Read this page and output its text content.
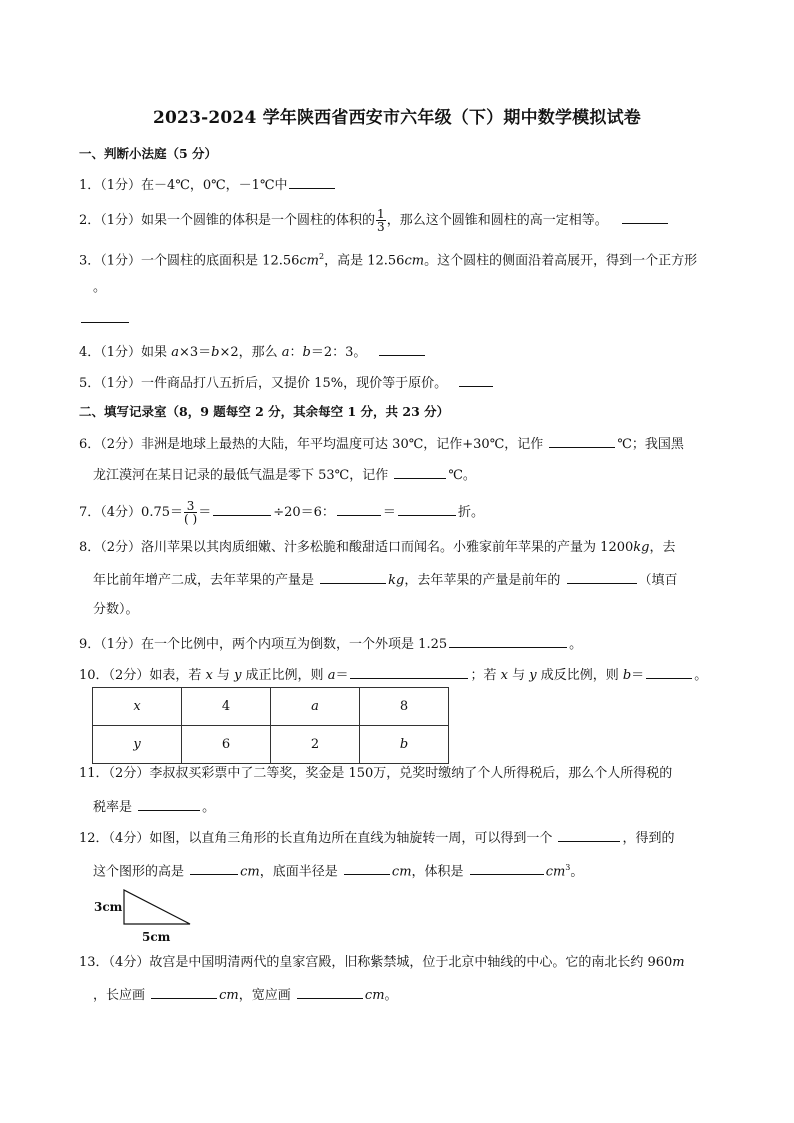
2023-2024 学年陕西省西安市六年级（下）期中数学模拟试卷
一、判断小法庭（5 分）
1．（1分）在－4℃，0℃，－1℃中
2．（1分）如果一个圆锥的体积是一个圆柱的体积的 $\frac{1}{3}$ ，那么这个圆锥和圆柱的高一定相等。
3．（1分）一个圆柱的底面积是 $12.56cm^2$，高是 12.56cm。这个圆柱的侧面沿着高展开，得到一个正方形
。
4．（1分）如果 a×3＝b×2，那么 a：b＝2：3。
5．（1分）一件商品打八五折后，又提价 15%，现价等于原价。
二、填写记录室（8，9 题每空 2 分，其余每空 1 分，共 23 分）
6．（2分）非洲是地球上最热的大陆，年平均温度可达 30℃，记作+30℃，记作	℃；我国黑
龙江漠河在某日记录的最低气温是零下 53℃，记作	℃。
7．（4分）$0.75= \frac{3}{( )}$ ＝	÷20＝6：	＝	折。
8．（2分）洛川苹果以其肉质细嫩、汁多松脆和酸甜适口而闻名。小雅家前年苹果的产量为 1200kg，去
年比前年增产二成，去年苹果的产量是	kg，去年苹果的产量是前年的	（填百
分数）。
9．（1分）在一个比例中，两个内项互为倒数，一个外项是 1.25	。
10．（2分）如表，若 x 与 y 成正比例，则 a＝	；若 x 与 y 成反比例，则 b＝	。
x	4	a	8
y	6	2	b
11．（2分）李叔叔买彩票中了二等奖，奖金是 150万，兑奖时缴纳了个人所得税后，那么个人所得税的
税率是	。
12．（4分）如图，以直角三角形的长直角边所在直线为轴旋转一周，可以得到一个	，得到的
这个图形的高是	cm，底面半径是	cm，体积是	$cm^3$。
3cm
5cm
13．（4分）故宫是中国明清两代的皇家宫殿，旧称紫禁城，位于北京中轴线的中心。它的南北长约 960m
，长应画	cm，宽应画	cm。
